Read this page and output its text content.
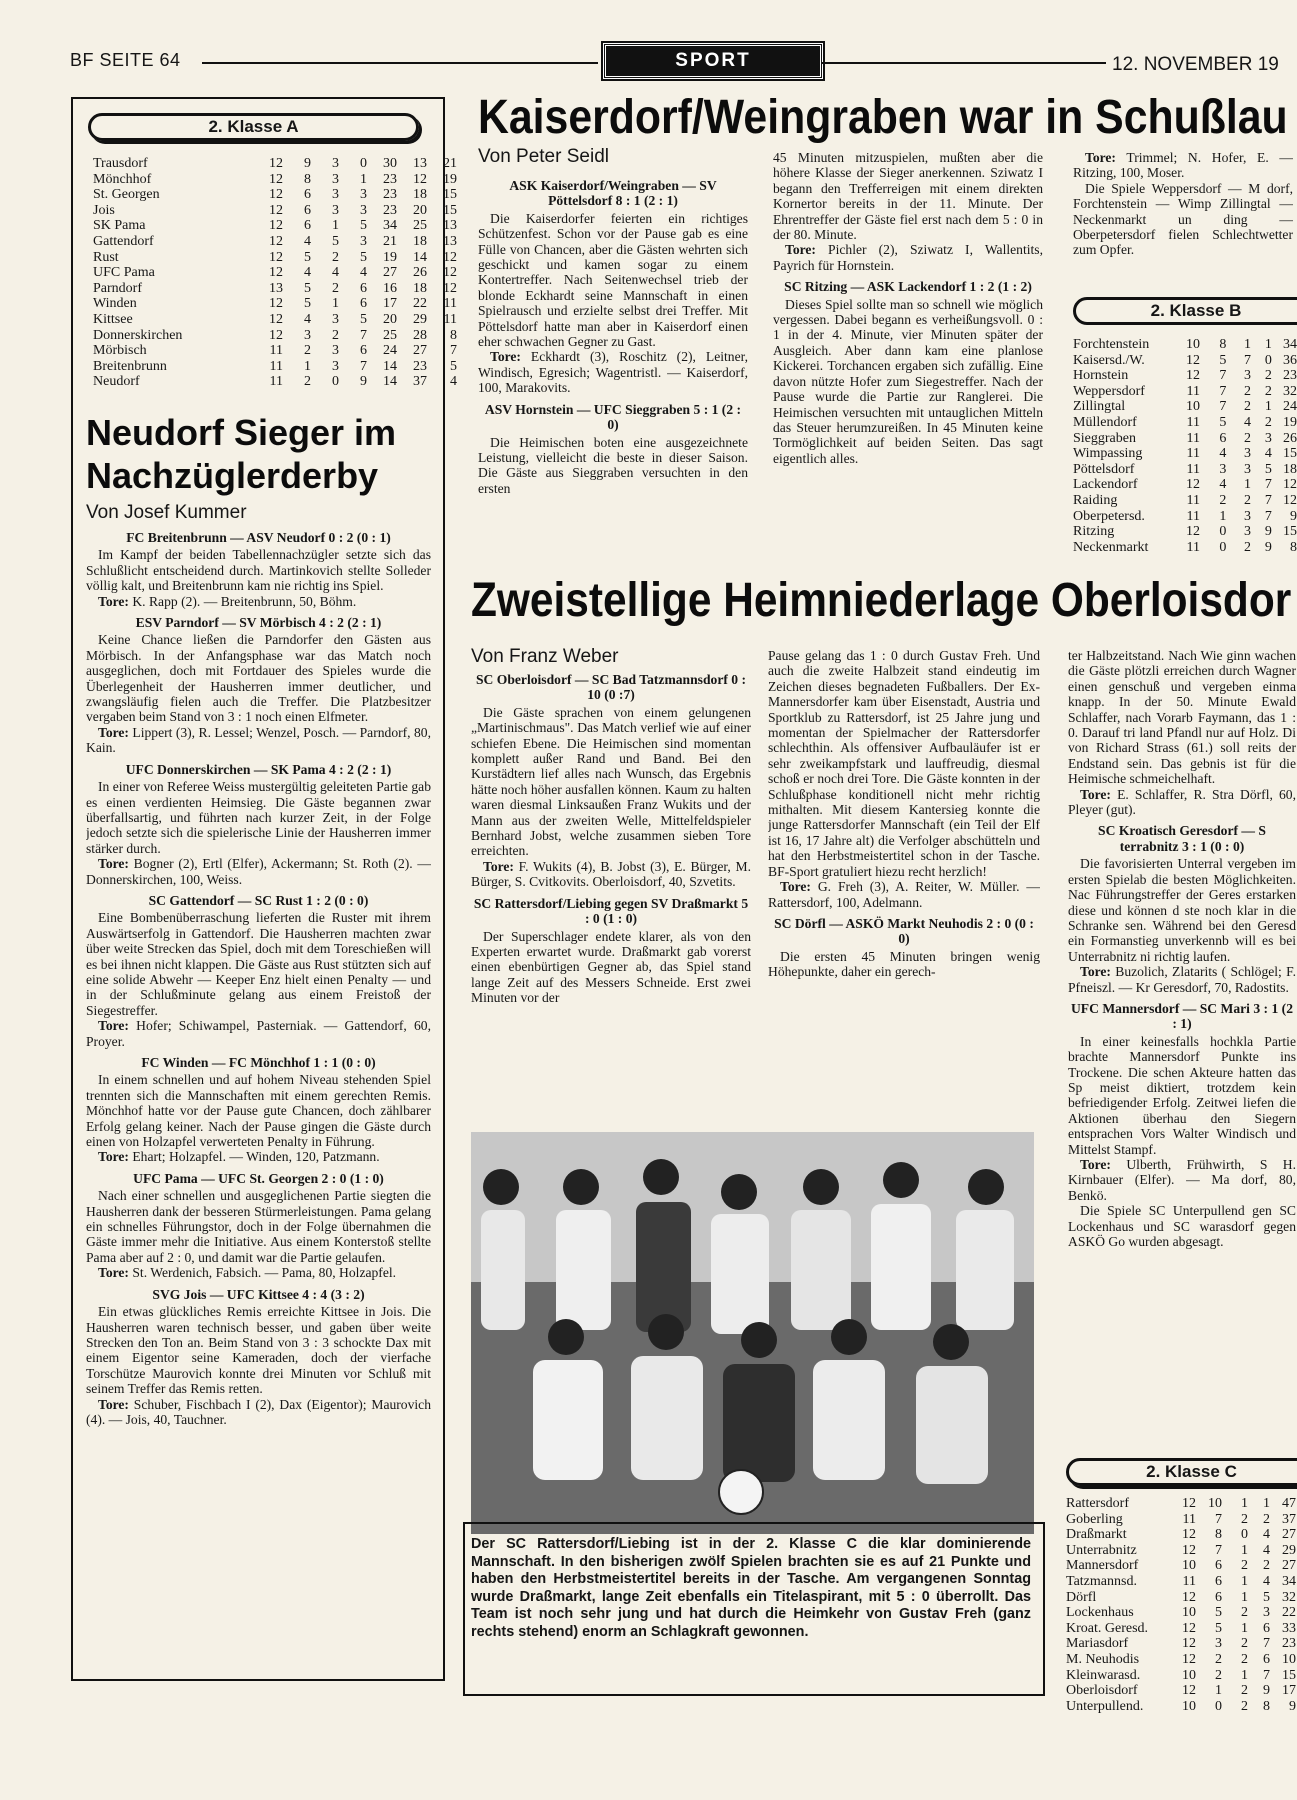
BF SEITE 64	SPORT	12. NOVEMBER 19
2. Klasse A
Trausdorf	12	9	3	0	30	13	21
Mönchhof	12	8	3	1	23	12	19
St. Georgen	12	6	3	3	23	18	15
Jois	12	6	3	3	23	20	15
SK Pama	12	6	1	5	34	25	13
Gattendorf	12	4	5	3	21	18	13
Rust	12	5	2	5	19	14	12
UFC Pama	12	4	4	4	27	26	12
Parndorf	13	5	2	6	16	18	12
Winden	12	5	1	6	17	22	11
Kittsee	12	4	3	5	20	29	11
Donnerskirchen	12	3	2	7	25	28	8
Mörbisch	11	2	3	6	24	27	7
Breitenbrunn	11	1	3	7	14	23	5
Neudorf	11	2	0	9	14	37	4
Neudorf Sieger im
Nachzüglerderby
Von Josef Kummer

FC Breitenbrunn — ASV Neudorf 0 : 2 (0 : 1)

Im Kampf der beiden Tabellennachzügler setzte sich das Schlußlicht entscheidend durch. Martinkovich stellte Solleder völlig kalt, und Breitenbrunn kam nie richtig ins Spiel.

Tore: K. Rapp (2). — Breitenbrunn, 50, Böhm.

ESV Parndorf — SV Mörbisch 4 : 2 (2 : 1)

Keine Chance ließen die Parndorfer den Gästen aus Mörbisch. In der Anfangsphase war das Match noch ausgeglichen, doch mit Fortdauer des Spieles wurde die Überlegenheit der Hausherren immer deutlicher, und zwangsläufig fielen auch die Treffer. Die Platzbesitzer vergaben beim Stand von 3 : 1 noch einen Elfmeter.

Tore: Lippert (3), R. Lessel; Wenzel, Posch. — Parndorf, 80, Kain.

UFC Donnerskirchen — SK Pama 4 : 2 (2 : 1)

In einer von Referee Weiss mustergültig geleiteten Partie gab es einen verdienten Heimsieg. Die Gäste begannen zwar überfallsartig, und führten nach kurzer Zeit, in der Folge jedoch setzte sich die spielerische Linie der Hausherren immer stärker durch.

Tore: Bogner (2), Ertl (Elfer), Ackermann; St. Roth (2). — Donnerskirchen, 100, Weiss.

SC Gattendorf — SC Rust 1 : 2 (0 : 0)

Eine Bombenüberraschung lieferten die Ruster mit ihrem Auswärtserfolg in Gattendorf. Die Hausherren machten zwar über weite Strecken das Spiel, doch mit dem Toreschießen will es bei ihnen nicht klappen. Die Gäste aus Rust stützten sich auf eine solide Abwehr — Keeper Enz hielt einen Penalty — und in der Schlußminute gelang aus einem Freistoß der Siegestreffer.

Tore: Hofer; Schiwampel, Pasterniak. — Gattendorf, 60, Proyer.

FC Winden — FC Mönchhof 1 : 1 (0 : 0)

In einem schnellen und auf hohem Niveau stehenden Spiel trennten sich die Mannschaften mit einem gerechten Remis. Mönchhof hatte vor der Pause gute Chancen, doch zählbarer Erfolg gelang keiner. Nach der Pause gingen die Gäste durch einen von Holzapfel verwerteten Penalty in Führung.

Tore: Ehart; Holzapfel. — Winden, 120, Patzmann.

UFC Pama — UFC St. Georgen 2 : 0 (1 : 0)

Nach einer schnellen und ausgeglichenen Partie siegten die Hausherren dank der besseren Stürmerleistungen. Pama gelang ein schnelles Führungstor, doch in der Folge übernahmen die Gäste immer mehr die Initiative. Aus einem Konterstoß stellte Pama aber auf 2 : 0, und damit war die Partie gelaufen.

Tore: St. Werdenich, Fabsich. — Pama, 80, Holzapfel.

SVG Jois — UFC Kittsee 4 : 4 (3 : 2)

Ein etwas glückliches Remis erreichte Kittsee in Jois. Die Hausherren waren technisch besser, und gaben über weite Strecken den Ton an. Beim Stand von 3 : 3 schockte Dax mit einem Eigentor seine Kameraden, doch der vierfache Torschütze Maurovich konnte drei Minuten vor Schluß mit seinem Treffer das Remis retten.

Tore: Schuber, Fischbach I (2), Dax (Eigentor); Maurovich (4). — Jois, 40, Tauchner.

Kaiserdorf/Weingraben war in Schußlau
Von Peter Seidl

ASK Kaiserdorf/Weingraben — SV Pöttelsdorf 8 : 1 (2 : 1)

Die Kaiserdorfer feierten ein richtiges Schützenfest. Schon vor der Pause gab es eine Fülle von Chancen, aber die Gästen wehrten sich geschickt und kamen sogar zu einem Kontertreffer. Nach Seitenwechsel trieb der blonde Eckhardt seine Mannschaft in einen Spielrausch und erzielte selbst drei Treffer. Mit Pöttelsdorf hatte man aber in Kaiserdorf einen eher schwachen Gegner zu Gast.

Tore: Eckhardt (3), Roschitz (2), Leitner, Windisch, Egresich; Wagentristl. — Kaiserdorf, 100, Marakovits.

ASV Hornstein — UFC Sieggraben 5 : 1 (2 : 0)

Die Heimischen boten eine ausgezeichnete Leistung, vielleicht die beste in dieser Saison. Die Gäste aus Sieggraben versuchten in den ersten

45 Minuten mitzuspielen, mußten aber die höhere Klasse der Sieger anerkennen. Sziwatz I begann den Trefferreigen mit einem direkten Kornertor bereits in der 11. Minute. Der Ehrentreffer der Gäste fiel erst nach dem 5 : 0 in der 80. Minute.

Tore: Pichler (2), Sziwatz I, Wallentits, Payrich für Hornstein.

SC Ritzing — ASK Lackendorf 1 : 2 (1 : 2)

Dieses Spiel sollte man so schnell wie möglich vergessen. Dabei begann es verheißungsvoll. 0 : 1 in der 4. Minute, vier Minuten später der Ausgleich. Aber dann kam eine planlose Kickerei. Torchancen ergaben sich zufällig. Eine davon nützte Hofer zum Siegestreffer. Nach der Pause wurde die Partie zur Ranglerei. Die Heimischen versuchten mit untauglichen Mitteln das Steuer herumzureißen. In 45 Minuten keine Tormöglichkeit auf beiden Seiten. Das sagt eigentlich alles.

Tore: Trimmel; N. Hofer, E. — Ritzing, 100, Moser.

Die Spiele Weppersdorf — M dorf, Forchtenstein — Wimp Zillingtal — Neckenmarkt un ding — Oberpetersdorf fielen Schlechtwetter zum Opfer.

2. Klasse B
Forchtenstein	10	8	1	1	34
Kaisersd./W.	12	5	7	0	36
Hornstein	12	7	3	2	23
Weppersdorf	11	7	2	2	32
Zillingtal	10	7	2	1	24
Müllendorf	11	5	4	2	19
Sieggraben	11	6	2	3	26
Wimpassing	11	4	3	4	15
Pöttelsdorf	11	3	3	5	18
Lackendorf	12	4	1	7	12
Raiding	11	2	2	7	12
Oberpetersd.	11	1	3	7	9
Ritzing	12	0	3	9	15
Neckenmarkt	11	0	2	9	8
Zweistellige Heimniederlage Oberloisdor
Von Franz Weber

SC Oberloisdorf — SC Bad Tatzmannsdorf 0 : 10 (0 :7)

Die Gäste sprachen von einem gelungenen „Martinischmaus". Das Match verlief wie auf einer schiefen Ebene. Die Heimischen sind momentan komplett außer Rand und Band. Bei den Kurstädtern lief alles nach Wunsch, das Ergebnis hätte noch höher ausfallen können. Kaum zu halten waren diesmal Linksaußen Franz Wukits und der Mann aus der zweiten Welle, Mittelfeldspieler Bernhard Jobst, welche zusammen sieben Tore erreichten.

Tore: F. Wukits (4), B. Jobst (3), E. Bürger, M. Bürger, S. Cvitkovits. Oberloisdorf, 40, Szvetits.

SC Rattersdorf/Liebing gegen SV Draßmarkt 5 : 0 (1 : 0)

Der Superschlager endete klarer, als von den Experten erwartet wurde. Draßmarkt gab vorerst einen ebenbürtigen Gegner ab, das Spiel stand lange Zeit auf des Messers Schneide. Erst zwei Minuten vor der

Pause gelang das 1 : 0 durch Gustav Freh. Und auch die zweite Halbzeit stand eindeutig im Zeichen dieses begnadeten Fußballers. Der Ex-Mannersdorfer kam über Eisenstadt, Austria und Sportklub zu Rattersdorf, ist 25 Jahre jung und momentan der Spielmacher der Rattersdorfer schlechthin. Als offensiver Aufbauläufer ist er sehr zweikampfstark und lauffreudig, diesmal schoß er noch drei Tore. Die Gäste konnten in der Schlußphase konditionell nicht mehr richtig mithalten. Mit diesem Kantersieg konnte die junge Rattersdorfer Mannschaft (ein Teil der Elf ist 16, 17 Jahre alt) die Verfolger abschütteln und hat den Herbstmeistertitel schon in der Tasche. BF-Sport gratuliert hiezu recht herzlich!

Tore: G. Freh (3), A. Reiter, W. Müller. — Rattersdorf, 100, Adelmann.

SC Dörfl — ASKÖ Markt Neuhodis 2 : 0 (0 : 0)

Die ersten 45 Minuten bringen wenig Höhepunkte, daher ein gerech-

ter Halbzeitstand. Nach Wie ginn wachen die Gäste plötzli erreichen durch Wagner einen genschuß und vergeben einma knapp. In der 50. Minute Ewald Schlaffer, nach Vorarb Faymann, das 1 : 0. Darauf tri land Pfandl nur auf Holz. Di von Richard Strass (61.) soll reits der Endstand sein. Das gebnis ist für die Heimische schmeichelhaft.

Tore: E. Schlaffer, R. Stra Dörfl, 60, Pleyer (gut).

SC Kroatisch Geresdorf — S terrabnitz 3 : 1 (0 : 0)

Die favorisierten Unterral vergeben im ersten Spielab die besten Möglichkeiten. Nac Führungstreffer der Geres erstarken diese und können d ste noch klar in die Schranke sen. Während bei den Geresd ein Formanstieg unverkennb will es bei Unterrabnitz ni richtig laufen.

Tore: Buzolich, Zlatarits ( Schlögel; F. Pfneiszl. — Kr Geresdorf, 70, Radostits.

UFC Mannersdorf — SC Mari 3 : 1 (2 : 1)

In einer keinesfalls hochkla Partie brachte Mannersdorf Punkte ins Trockene. Die schen Akteure hatten das Sp meist diktiert, trotzdem kein befriedigender Erfolg. Zeitwei liefen die Aktionen überhau den Siegern entsprachen Vors Walter Windisch und Mittelst Stampf.

Tore: Ulberth, Frühwirth, S H. Kirnbauer (Elfer). — Ma dorf, 80, Benkö.

Die Spiele SC Unterpullend gen SC Lockenhaus und SC warasdorf gegen ASKÖ Go wurden abgesagt.

Der SC Rattersdorf/Liebing ist in der 2. Klasse C die klar dominierende Mannschaft. In den bisherigen zwölf Spielen brachten sie es auf 21 Punkte und haben den Herbstmeistertitel bereits in der Tasche. Am vergangenen Sonntag wurde Draßmarkt, lange Zeit ebenfalls ein Titelaspirant, mit 5 : 0 überrollt. Das Team ist noch sehr jung und hat durch die Heimkehr von Gustav Freh (ganz rechts stehend) enorm an Schlagkraft gewonnen.
2. Klasse C
Rattersdorf	12	10	1	1	47
Goberling	11	7	2	2	37
Draßmarkt	12	8	0	4	27
Unterrabnitz	12	7	1	4	29
Mannersdorf	10	6	2	2	27
Tatzmannsd.	11	6	1	4	34
Dörfl	12	6	1	5	32
Lockenhaus	10	5	2	3	22
Kroat. Geresd.	12	5	1	6	33
Mariasdorf	12	3	2	7	23
M. Neuhodis	12	2	2	6	10
Kleinwarasd.	10	2	1	7	15
Oberloisdorf	12	1	2	9	17
Unterpullend.	10	0	2	8	9
